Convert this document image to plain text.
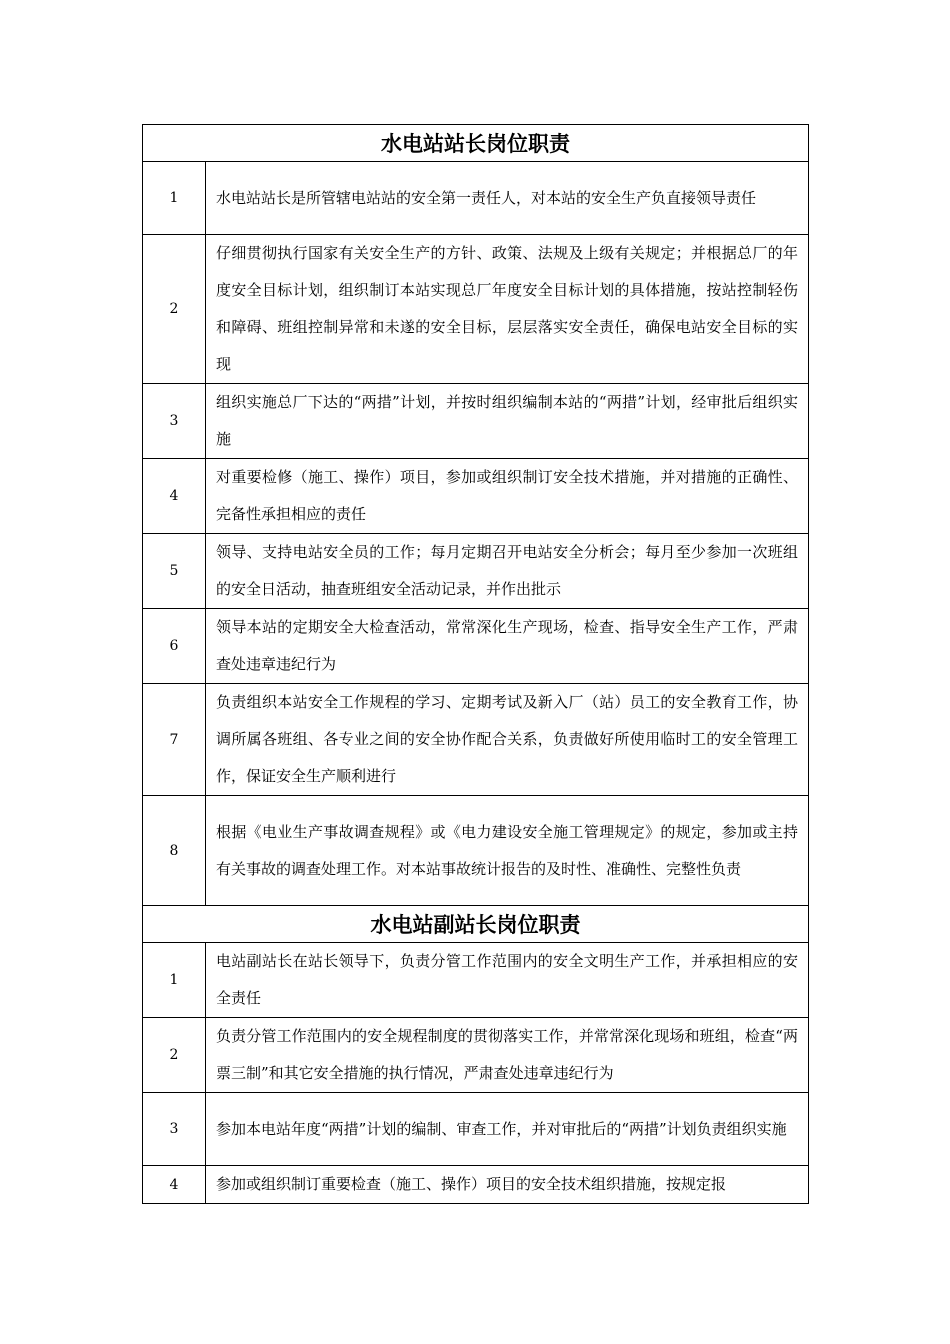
水电站站长岗位职责	
1	水电站站长是所管辖电站站的安全第一责任人，对本站的安全生产负直接领导责任
2	仔细贯彻执行国家有关安全生产的方针、政策、法规及上级有关规定；并根据总厂的年度安全目标计划，组织制订本站实现总厂年度安全目标计划的具体措施，按站控制轻伤和障碍、班组控制异常和未遂的安全目标，层层落实安全责任，确保电站安全目标的实现
3	组织实施总厂下达的“两措”计划，并按时组织编制本站的“两措”计划，经审批后组织实施
4	对重要检修（施工、操作）项目，参加或组织制订安全技术措施，并对措施的正确性、完备性承担相应的责任
5	领导、支持电站安全员的工作；每月定期召开电站安全分析会；每月至少参加一次班组的安全日活动，抽查班组安全活动记录，并作出批示
6	领导本站的定期安全大检查活动，常常深化生产现场，检查、指导安全生产工作，严肃查处违章违纪行为
7	负责组织本站安全工作规程的学习、定期考试及新入厂（站）员工的安全教育工作，协调所属各班组、各专业之间的安全协作配合关系，负责做好所使用临时工的安全管理工作，保证安全生产顺利进行
8	根据《电业生产事故调查规程》或《电力建设安全施工管理规定》的规定，参加或主持有关事故的调查处理工作。对本站事故统计报告的及时性、准确性、完整性负责
水电站副站长岗位职责	
1	电站副站长在站长领导下，负责分管工作范围内的安全文明生产工作，并承担相应的安全责任
2	负责分管工作范围内的安全规程制度的贯彻落实工作，并常常深化现场和班组，检查“两票三制”和其它安全措施的执行情况，严肃查处违章违纪行为
3	参加本电站年度“两措”计划的编制、审查工作，并对审批后的“两措”计划负责组织实施
4	参加或组织制订重要检查（施工、操作）项目的安全技术组织措施，按规定报
